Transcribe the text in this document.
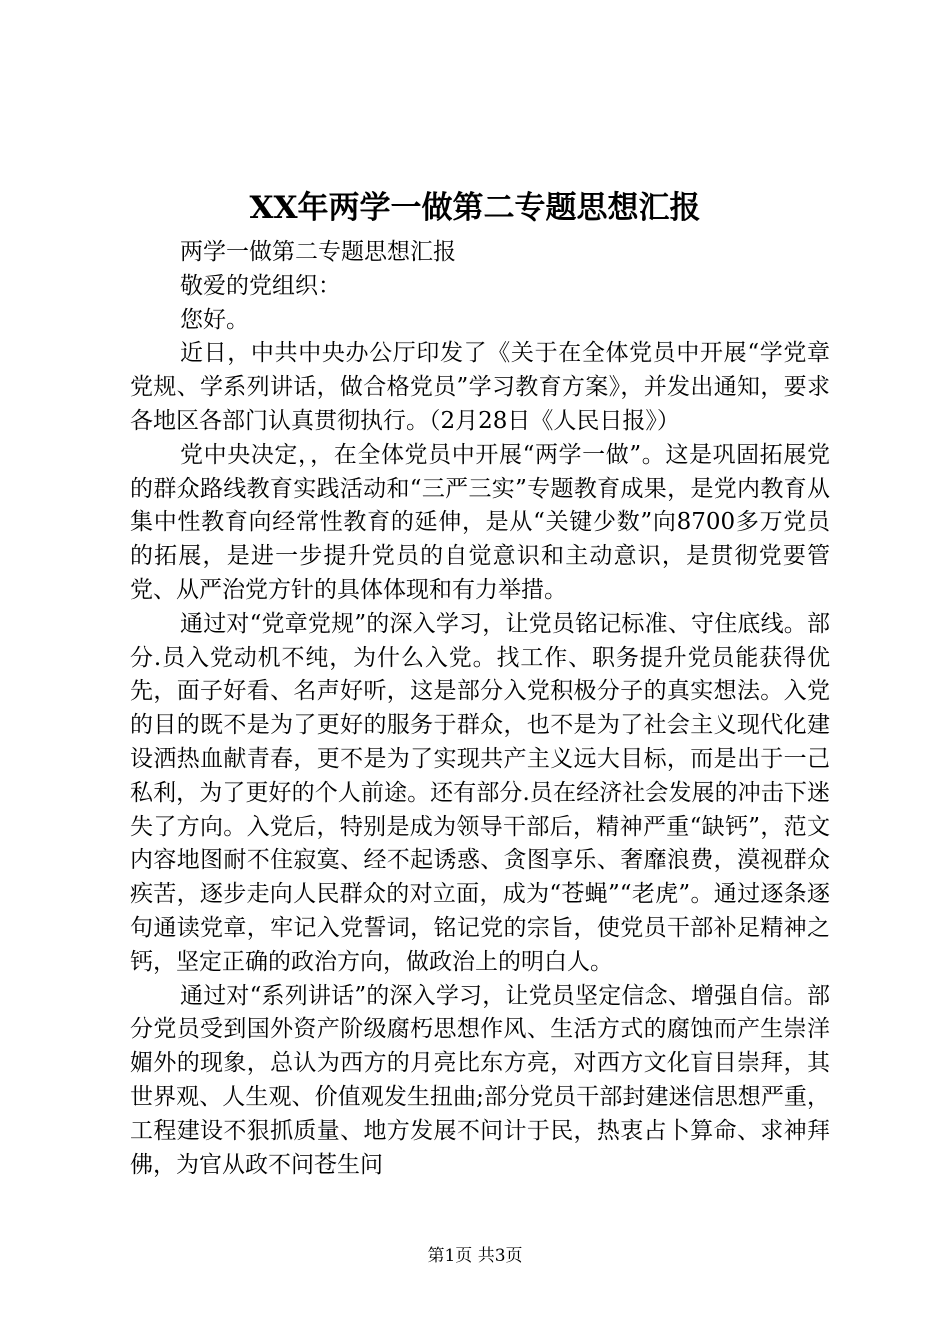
XX年两学一做第二专题思想汇报

两学一做第二专题思想汇报

敬爱的党组织：

您好。

近日，中共中央办公厅印发了《关于在全体党员中开展“学党章党规、学系列讲话，做合格党员”学习教育方案》，并发出通知，要求各地区各部门认真贯彻执行。（2月28日《人民日报》）

党中央决定，，在全体党员中开展“两学一做”。这是巩固拓展党的群众路线教育实践活动和“三严三实”专题教育成果，是党内教育从集中性教育向经常性教育的延伸，是从“关键少数”向8700多万党员的拓展，是进一步提升党员的自觉意识和主动意识，是贯彻党要管党、从严治党方针的具体体现和有力举措。

通过对“党章党规”的深入学习，让党员铭记标准、守住底线。部分.员入党动机不纯，为什么入党。找工作、职务提升党员能获得优先，面子好看、名声好听，这是部分入党积极分子的真实想法。入党的目的既不是为了更好的服务于群众，也不是为了社会主义现代化建设洒热血献青春，更不是为了实现共产主义远大目标，而是出于一己私利，为了更好的个人前途。还有部分.员在经济社会发展的冲击下迷失了方向。入党后，特别是成为领导干部后，精神严重“缺钙”，范文内容地图耐不住寂寞、经不起诱惑、贪图享乐、奢靡浪费，漠视群众疾苦，逐步走向人民群众的对立面，成为“苍蝇”“老虎”。通过逐条逐句通读党章，牢记入党誓词，铭记党的宗旨，使党员干部补足精神之钙，坚定正确的政治方向，做政治上的明白人。

通过对“系列讲话”的深入学习，让党员坚定信念、增强自信。部分党员受到国外资产阶级腐朽思想作风、生活方式的腐蚀而产生崇洋媚外的现象，总认为西方的月亮比东方亮，对西方文化盲目崇拜，其世界观、人生观、价值观发生扭曲;部分党员干部封建迷信思想严重，工程建设不狠抓质量、地方发展不问计于民，热衷占卜算命、求神拜佛，为官从政不问苍生问

第1页 共3页
